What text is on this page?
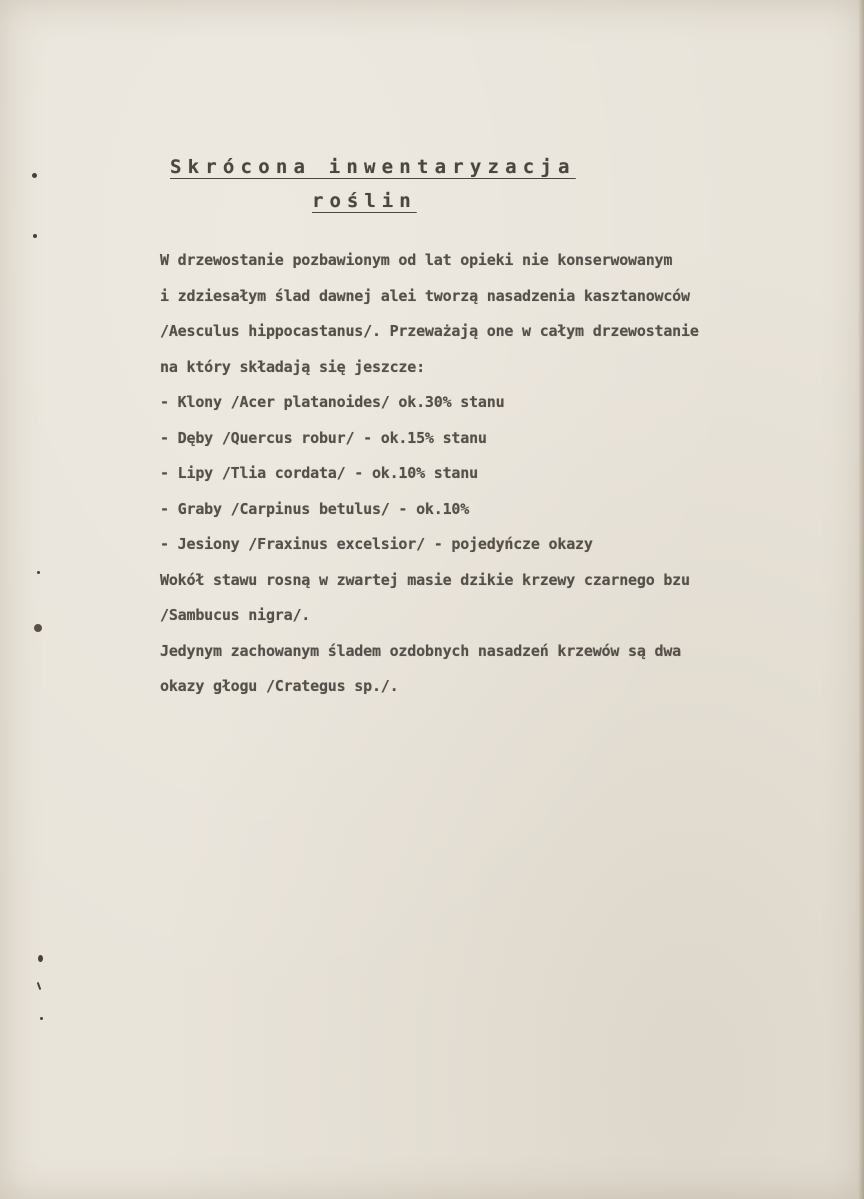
Skrócona inwentaryzacja
roślin
W drzewostanie pozbawionym od lat opieki nie konserwowanym
i zdziesałym ślad dawnej alei tworzą nasadzenia kasztanowców
/Aesculus hippocastanus/. Przeważają one w całym drzewostanie
na który składają się jeszcze:
- Klony /Acer platanoides/ ok.30% stanu
- Dęby /Quercus robur/ - ok.15% stanu
- Lipy /Tlia cordata/ - ok.10% stanu
- Graby /Carpinus betulus/ - ok.10%
- Jesiony /Fraxinus excelsior/ - pojedyńcze okazy
Wokół stawu rosną w zwartej masie dzikie krzewy czarnego bzu
/Sambucus nigra/.
Jedynym zachowanym śladem ozdobnych nasadzeń krzewów są dwa
okazy głogu /Crategus sp./.
